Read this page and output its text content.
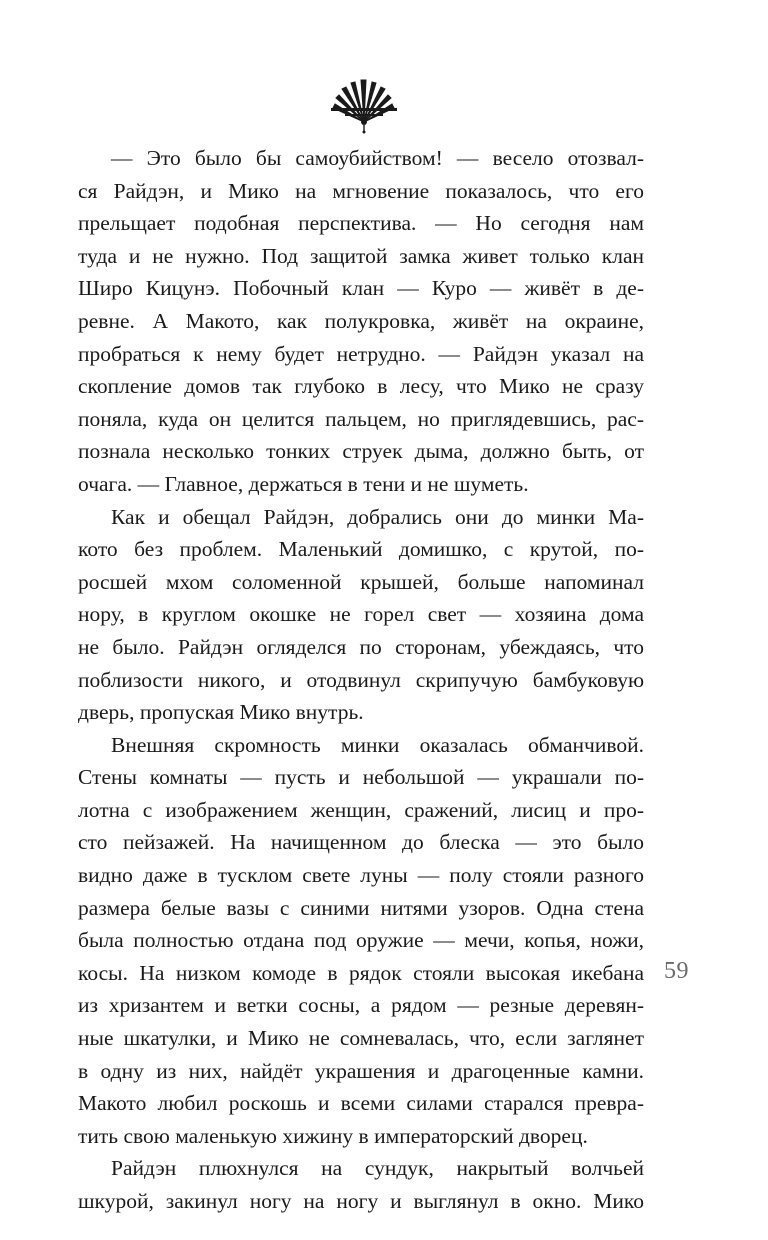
— Это было бы самоубийством! — весело отозвал-
ся Райдэн, и Мико на мгновение показалось, что его
прельщает подобная перспектива. — Но сегодня нам
туда и не нужно. Под защитой замка живет только клан
Широ Кицунэ. Побочный клан — Куро — живёт в де-
ревне. А Макото, как полукровка, живёт на окраине,
пробраться к нему будет нетрудно. — Райдэн указал на
скопление домов так глубоко в лесу, что Мико не сразу
поняла, куда он целится пальцем, но приглядевшись, рас-
познала несколько тонких струек дыма, должно быть, от
очага. — Главное, держаться в тени и не шуметь.
Как и обещал Райдэн, добрались они до минки Ма-
кото без проблем. Маленький домишко, с крутой, по-
росшей мхом соломенной крышей, больше напоминал
нору, в круглом окошке не горел свет — хозяина дома
не было. Райдэн огляделся по сторонам, убеждаясь, что
поблизости никого, и отодвинул скрипучую бамбуковую
дверь, пропуская Мико внутрь.
Внешняя скромность минки оказалась обманчивой.
Стены комнаты — пусть и небольшой — украшали по-
лотна с изображением женщин, сражений, лисиц и про-
сто пейзажей. На начищенном до блеска — это было
видно даже в тусклом свете луны — полу стояли разного
размера белые вазы с синими нитями узоров. Одна стена
была полностью отдана под оружие — мечи, копья, ножи,
косы. На низком комоде в рядок стояли высокая икебана
из хризантем и ветки сосны, а рядом — резные деревян-
ные шкатулки, и Мико не сомневалась, что, если заглянет
в одну из них, найдёт украшения и драгоценные камни.
Макото любил роскошь и всеми силами старался превра-
тить свою маленькую хижину в императорский дворец.
Райдэн плюхнулся на сундук, накрытый волчьей
шкурой, закинул ногу на ногу и выглянул в окно. Мико
59
